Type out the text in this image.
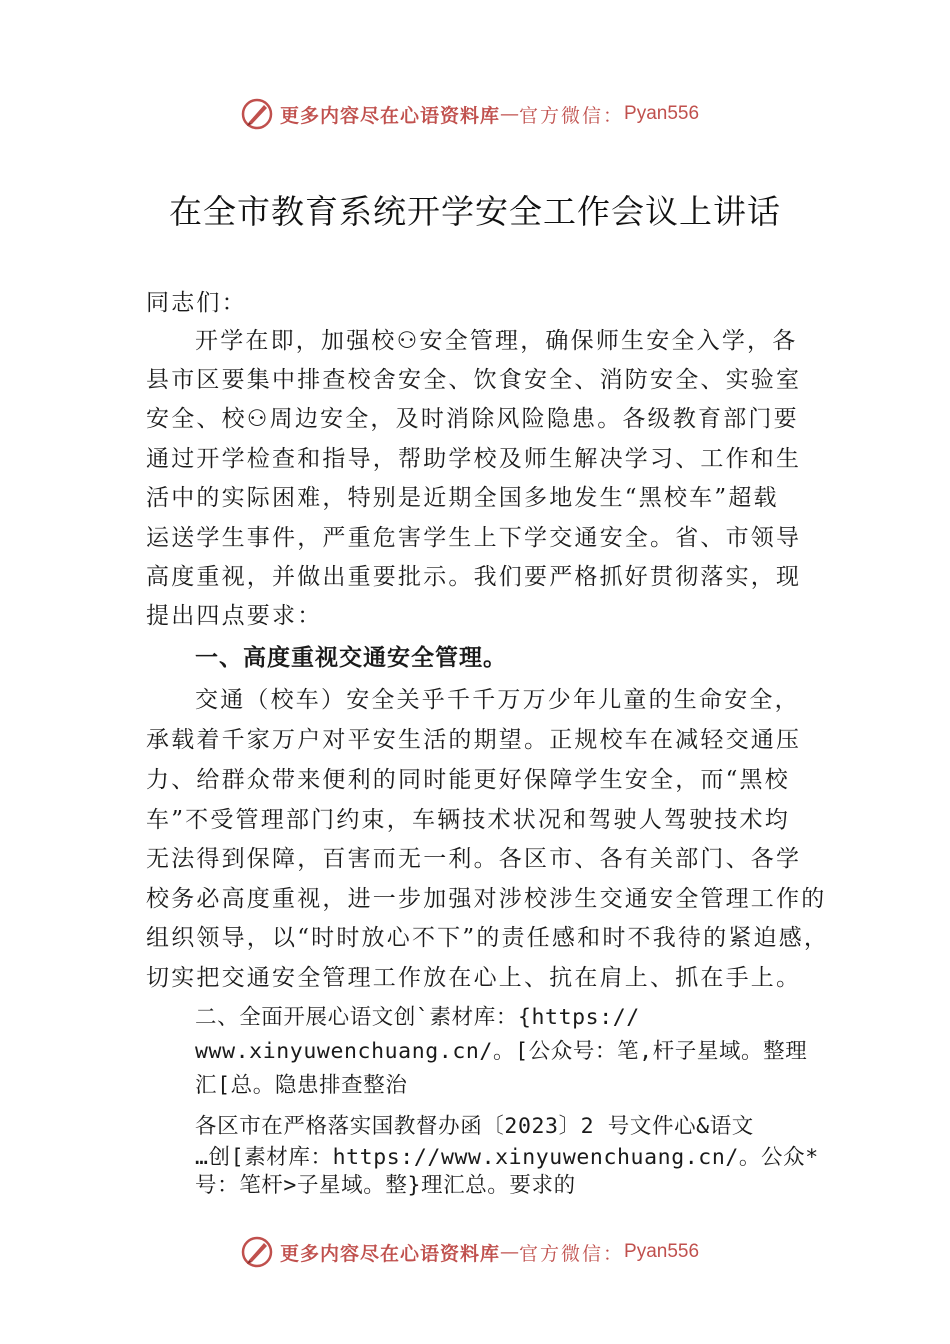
更多内容尽在心语资料库 — 官方微信： Pyan556
在全市教育系统开学安全工作会议上讲话
同志们：
开学在即，加强校⚇安全管理，确保师生安全入学，各
县市区要集中排查校舍安全、饮食安全、消防安全、实验室
安全、校⚇周边安全，及时消除风险隐患。各级教育部门要
通过开学检查和指导，帮助学校及师生解决学习、工作和生
活中的实际困难，特别是近期全国多地发生“黑校车”超载
运送学生事件，严重危害学生上下学交通安全。省、市领导
高度重视，并做出重要批示。我们要严格抓好贯彻落实，现
提出四点要求：
一、高度重视交通安全管理。
交通（校车）安全关乎千千万万少年儿童的生命安全，
承载着千家万户对平安生活的期望。正规校车在减轻交通压
力、给群众带来便利的同时能更好保障学生安全，而“黑校
车”不受管理部门约束，车辆技术状况和驾驶人驾驶技术均
无法得到保障，百害而无一利。各区市、各有关部门、各学
校务必高度重视，进一步加强对涉校涉生交通安全管理工作的
组织领导，以“时时放心不下”的责任感和时不我待的紧迫感，
切实把交通安全管理工作放在心上、抗在肩上、抓在手上。
二、全面开展心语文创`素材库：{https://
www.xinyuwenchuang.cn/。[公众号：笔,杆子星域。整理
汇[总。隐患排查整治
各区市在严格落实国教督办函〔2023〕2 号文件心&语文
…创[素材库：https://www.xinyuwenchuang.cn/。公众*
号：笔杆>子星域。整}理汇总。要求的
更多内容尽在心语资料库 — 官方微信： Pyan556
